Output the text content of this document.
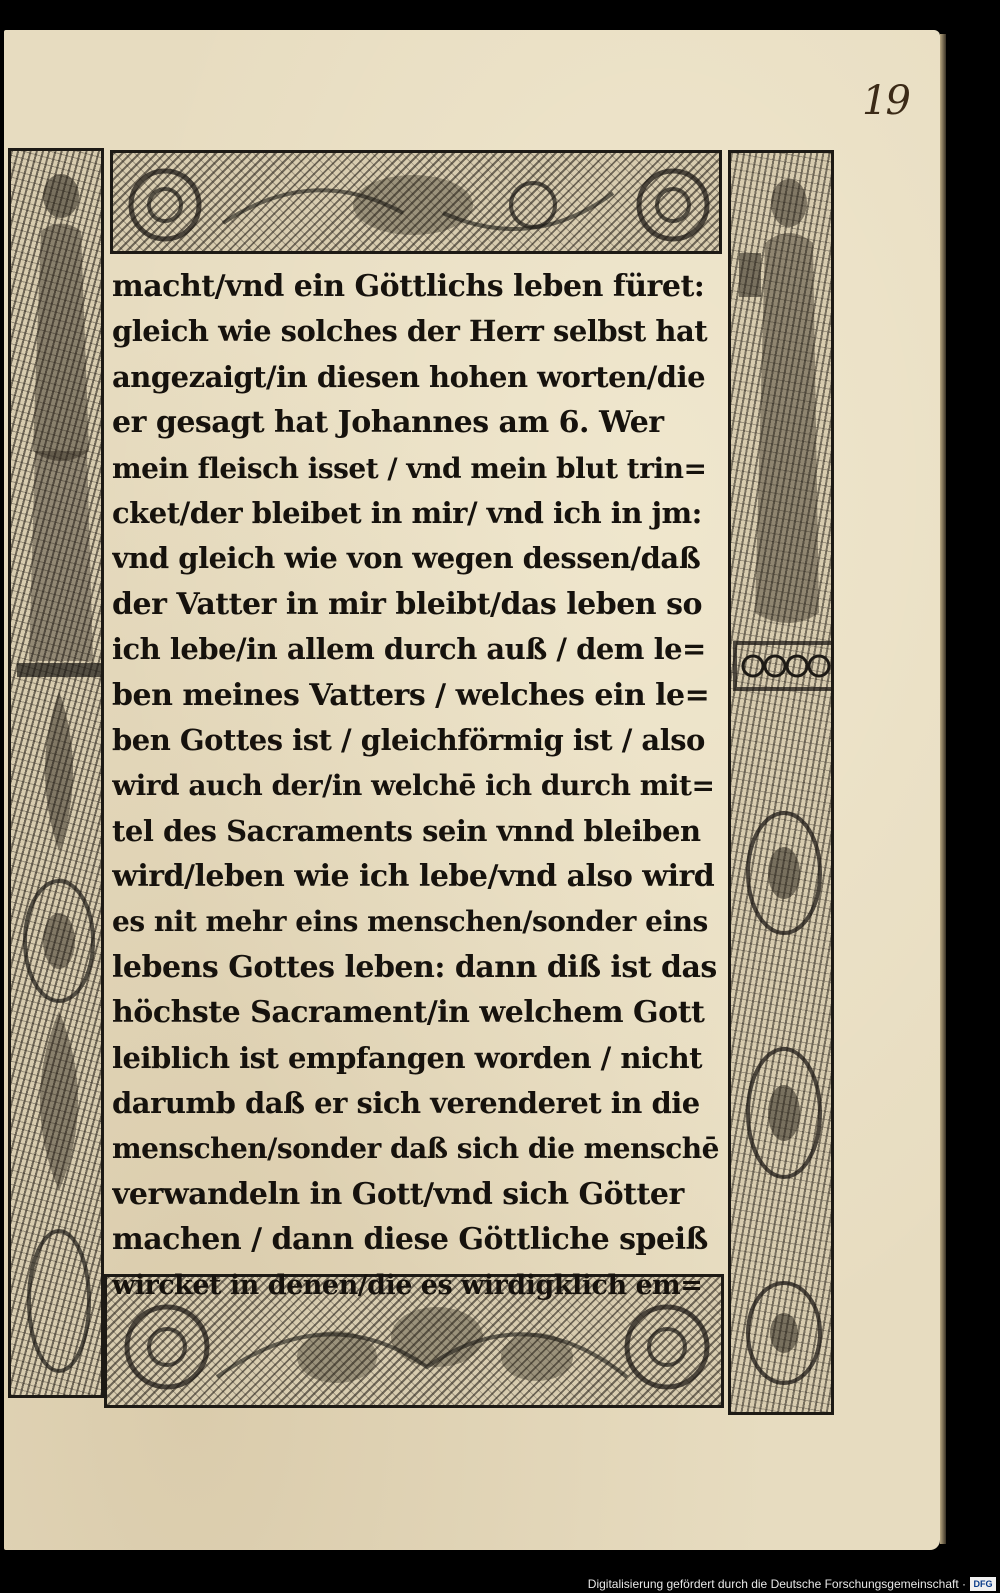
19
macht/vnd ein Göttlichs leben füret:
gleich wie solches der Herr selbst hat
angezaigt/in diesen hohen worten/die
er gesagt hat Johannes am 6. Wer
mein fleisch isset / vnd mein blut trin=
cket/der bleibet in mir/ vnd ich in jm:
vnd gleich wie von wegen dessen/daß
der Vatter in mir bleibt/das leben so
ich lebe/in allem durch auß / dem le=
ben meines Vatters / welches ein le=
ben Gottes ist / gleichförmig ist / also
wird auch der/in welchē ich durch mit=
tel des Sacraments sein vnnd bleiben
wird/leben wie ich lebe/vnd also wird
es nit mehr eins menschen/sonder eins
lebens Gottes leben: dann diß ist das
höchste Sacrament/in welchem Gott
leiblich ist empfangen worden / nicht
darumb daß er sich verenderet in die
menschen/sonder daß sich die menschē
verwandeln in Gott/vnd sich Götter
machen / dann diese Göttliche speiß
wircket in denen/die es wirdigklich em=
Digitalisierung gefördert durch die Deutsche Forschungsgemeinschaft · DFG
